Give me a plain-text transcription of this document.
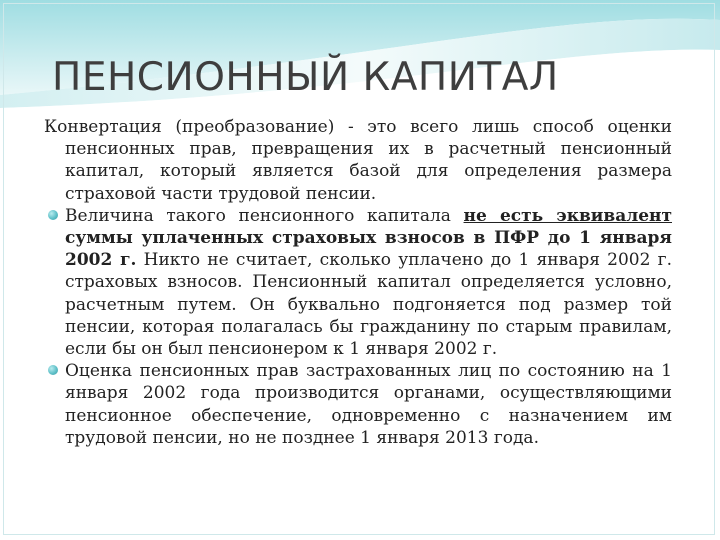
ПЕНСИОННЫЙ КАПИТАЛ

Конвертация (преобразование) - это всего лишь способ оценки пенсионных прав, превращения их в расчетный пенсионный капитал, который является базой для определения размера страховой части трудовой пенсии.

Величина такого пенсионного капитала не есть эквивалент суммы уплаченных страховых взносов в ПФР до 1 января 2002 г. Никто не считает, сколько уплачено до 1 января 2002 г. страховых взносов. Пенсионный капитал определяется условно, расчетным путем. Он буквально подгоняется под размер той пенсии, которая полагалась бы гражданину по старым правилам, если бы он был пенсионером к 1 января 2002 г.

Оценка пенсионных прав застрахованных лиц по состоянию на 1 января 2002 года производится органами, осуществляющими пенсионное обеспечение, одновременно с назначением им трудовой пенсии, но не позднее 1 января 2013 года.
